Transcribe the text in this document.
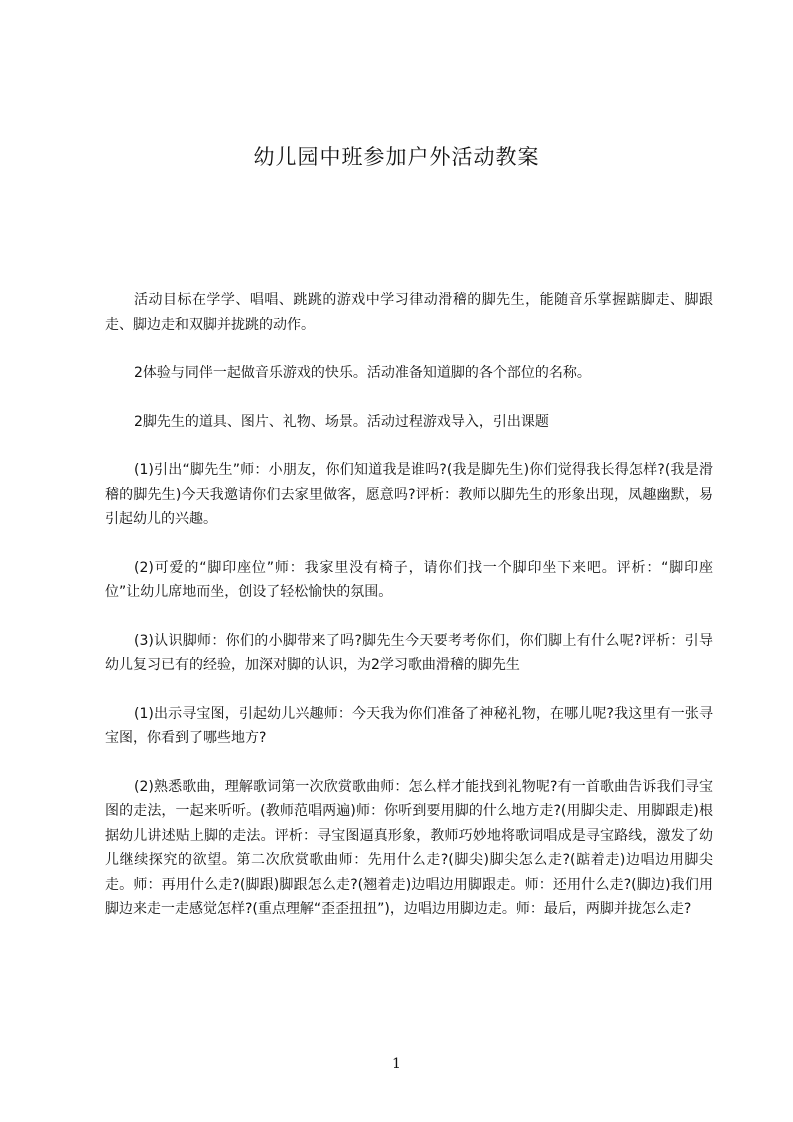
幼儿园中班参加户外活动教案

活动目标在学学、唱唱、跳跳的游戏中学习律动滑稽的脚先生，能随音乐掌握踮脚走、脚跟走、脚边走和双脚并拢跳的动作。

2体验与同伴一起做音乐游戏的快乐。活动准备知道脚的各个部位的名称。

2脚先生的道具、图片、礼物、场景。活动过程游戏导入，引出课题

(1)引出“脚先生”师：小朋友，你们知道我是谁吗?(我是脚先生)你们觉得我长得怎样?(我是滑稽的脚先生)今天我邀请你们去家里做客，愿意吗?评析：教师以脚先生的形象出现，凤趣幽默，易引起幼儿的兴趣。

(2)可爱的“脚印座位”师：我家里没有椅子，请你们找一个脚印坐下来吧。评析：“脚印座位”让幼儿席地而坐，创设了轻松愉快的氛围。

(3)认识脚师：你们的小脚带来了吗?脚先生今天要考考你们，你们脚上有什么呢?评析：引导幼儿复习已有的经验，加深对脚的认识，为2学习歌曲滑稽的脚先生

(1)出示寻宝图，引起幼儿兴趣师：今天我为你们准备了神秘礼物，在哪儿呢?我这里有一张寻宝图，你看到了哪些地方?

(2)熟悉歌曲，理解歌词第一次欣赏歌曲师：怎么样才能找到礼物呢?有一首歌曲告诉我们寻宝图的走法，一起来听听。(教师范唱两遍)师：你听到要用脚的什么地方走?(用脚尖走、用脚跟走)根据幼儿讲述贴上脚的走法。评析：寻宝图逼真形象，教师巧妙地将歌词唱成是寻宝路线，激发了幼儿继续探究的欲望。第二次欣赏歌曲师：先用什么走?(脚尖)脚尖怎么走?(踮着走)边唱边用脚尖走。师：再用什么走?(脚跟)脚跟怎么走?(翘着走)边唱边用脚跟走。师：还用什么走?(脚边)我们用脚边来走一走感觉怎样?(重点理解“歪歪扭扭”)，边唱边用脚边走。师：最后，两脚并拢怎么走?

1
